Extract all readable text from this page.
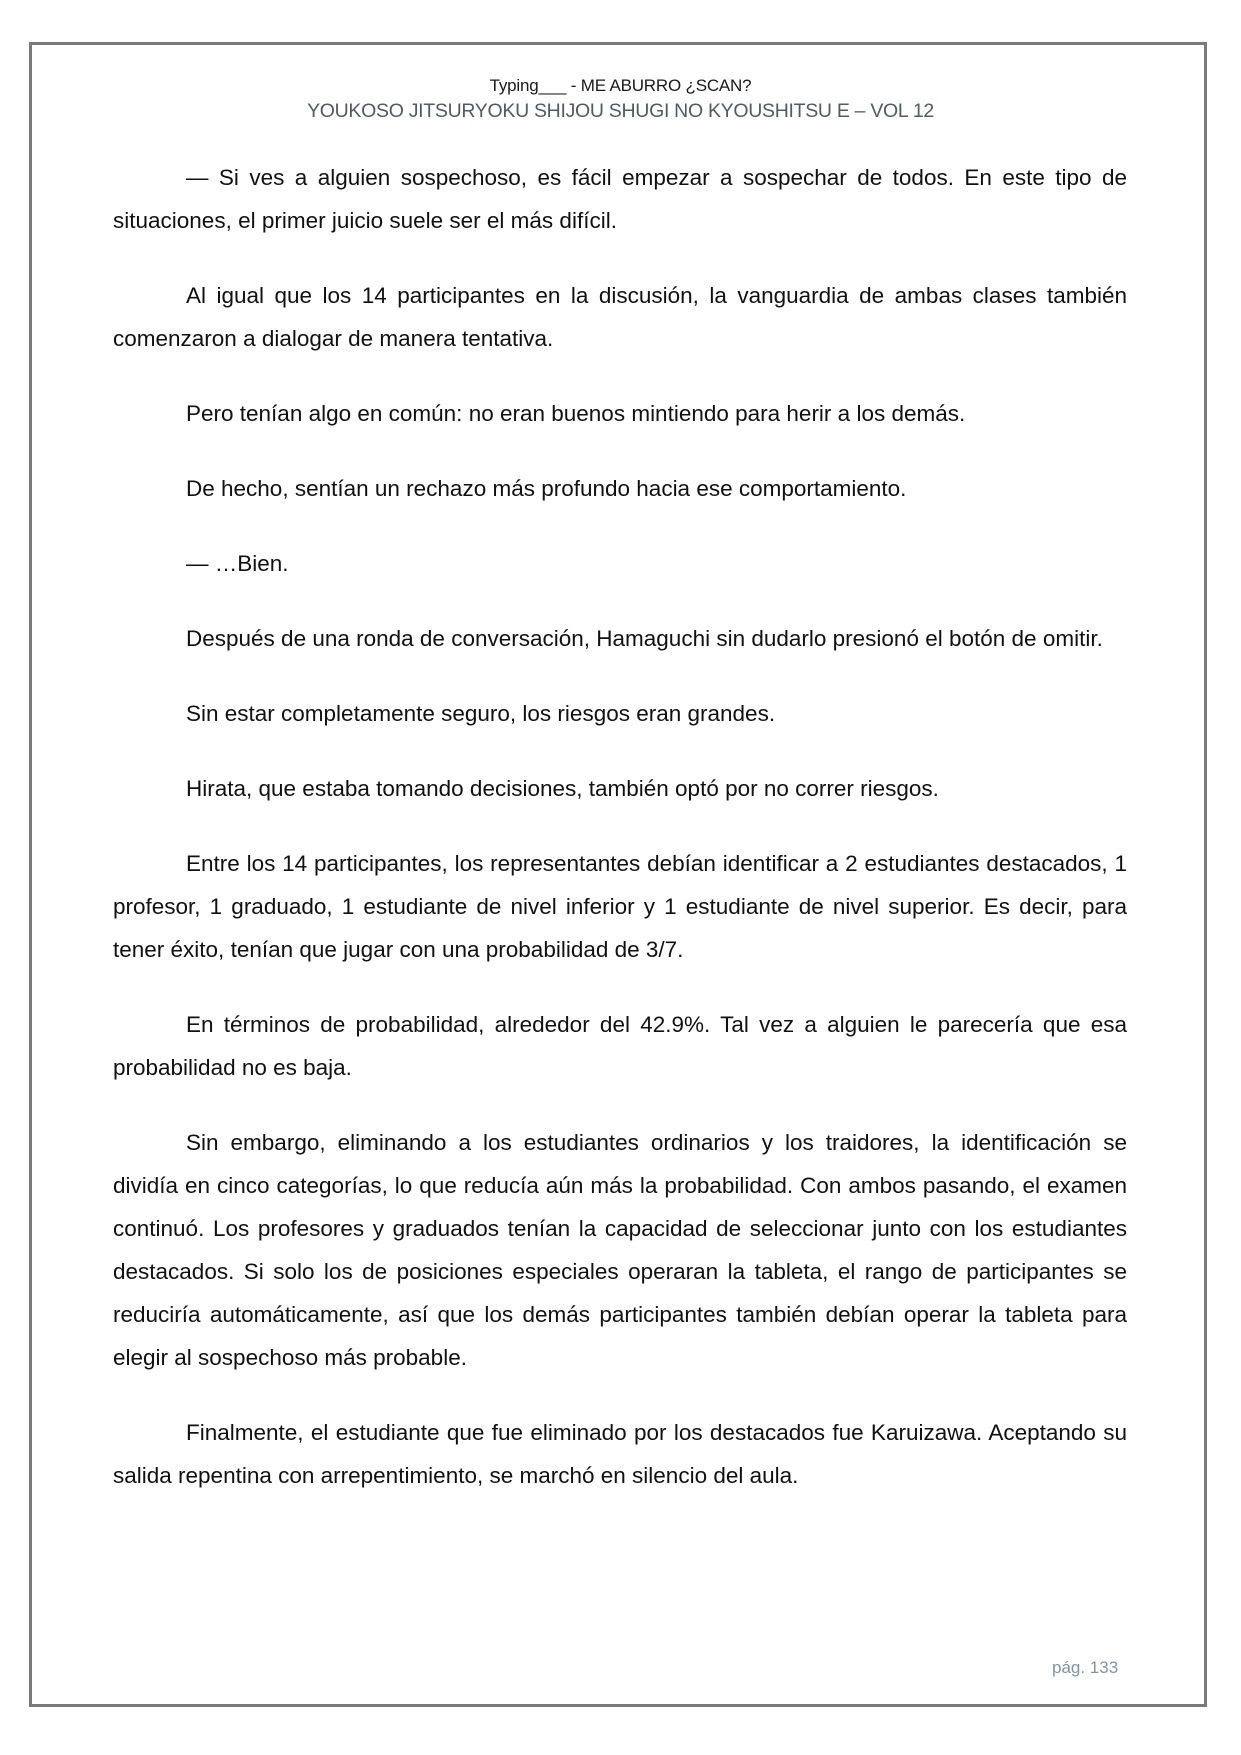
Typing___ - ME ABURRO ¿SCAN?
YOUKOSO JITSURYOKU SHIJOU SHUGI NO KYOUSHITSU E – VOL 12

— Si ves a alguien sospechoso, es fácil empezar a sospechar de todos. En este tipo de situaciones, el primer juicio suele ser el más difícil.

Al igual que los 14 participantes en la discusión, la vanguardia de ambas clases también comenzaron a dialogar de manera tentativa.

Pero tenían algo en común: no eran buenos mintiendo para herir a los demás.

De hecho, sentían un rechazo más profundo hacia ese comportamiento.

— …Bien.

Después de una ronda de conversación, Hamaguchi sin dudarlo presionó el botón de omitir.

Sin estar completamente seguro, los riesgos eran grandes.

Hirata, que estaba tomando decisiones, también optó por no correr riesgos.

Entre los 14 participantes, los representantes debían identificar a 2 estudiantes destacados, 1 profesor, 1 graduado, 1 estudiante de nivel inferior y 1 estudiante de nivel superior. Es decir, para tener éxito, tenían que jugar con una probabilidad de 3/7.

En términos de probabilidad, alrededor del 42.9%. Tal vez a alguien le parecería que esa probabilidad no es baja.

Sin embargo, eliminando a los estudiantes ordinarios y los traidores, la identificación se dividía en cinco categorías, lo que reducía aún más la probabilidad. Con ambos pasando, el examen continuó. Los profesores y graduados tenían la capacidad de seleccionar junto con los estudiantes destacados. Si solo los de posiciones especiales operaran la tableta, el rango de participantes se reduciría automáticamente, así que los demás participantes también debían operar la tableta para elegir al sospechoso más probable.

Finalmente, el estudiante que fue eliminado por los destacados fue Karuizawa. Aceptando su salida repentina con arrepentimiento, se marchó en silencio del aula.

pág. 133
